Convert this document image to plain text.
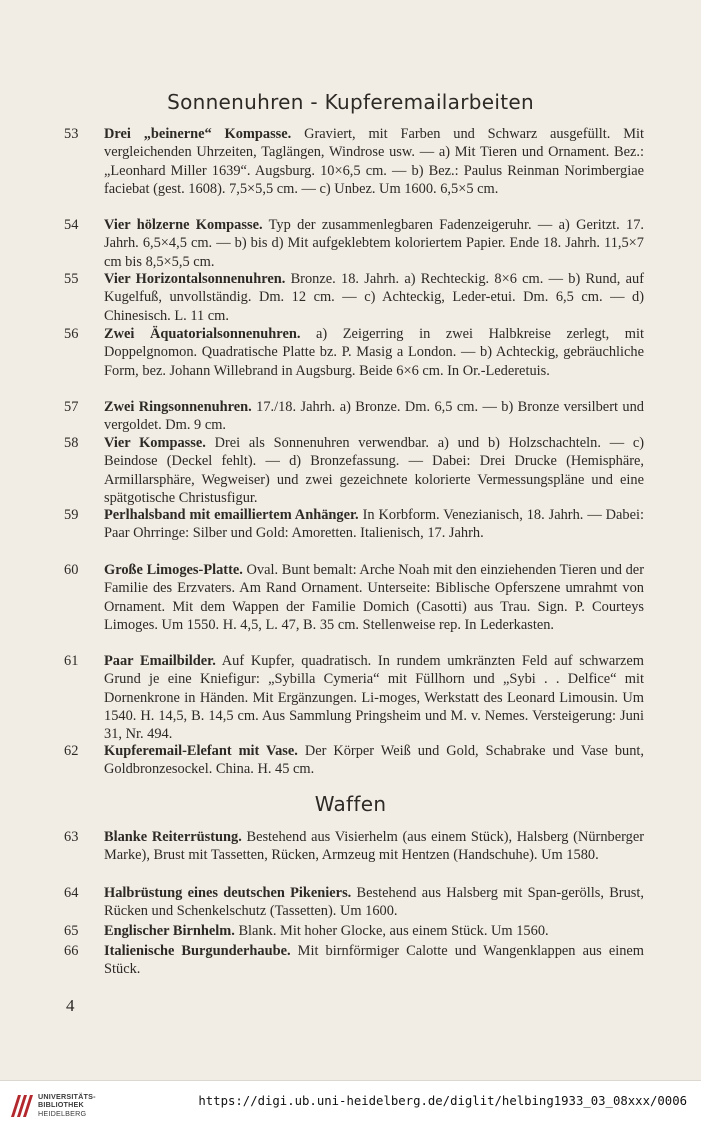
Sonnenuhren - Kupferemailarbeiten
53	Drei „beinerne“ Kompasse. Graviert, mit Farben und Schwarz ausgefüllt. Mit vergleichenden Uhrzeiten, Taglängen, Windrose usw. — a) Mit Tieren und Ornament. Bez.: „Leonhard Miller 1639“. Augsburg. 10×6,5 cm. — b) Bez.: Paulus Reinman Norimbergiae faciebat (gest. 1608). 7,5×5,5 cm. — c) Unbez. Um 1600. 6,5×5 cm.
54	Vier hölzerne Kompasse. Typ der zusammenlegbaren Fadenzeigeruhr. — a) Geritzt. 17. Jahrh. 6,5×4,5 cm. — b) bis d) Mit aufgeklebtem koloriertem Papier. Ende 18. Jahrh. 11,5×7 cm bis 8,5×5,5 cm.
55	Vier Horizontalsonnenuhren. Bronze. 18. Jahrh. a) Rechteckig. 8×6 cm. — b) Rund, auf Kugelfuß, unvollständig. Dm. 12 cm. — c) Achteckig, Leder-etui. Dm. 6,5 cm. — d) Chinesisch. L. 11 cm.
56	Zwei Äquatorialsonnenuhren. a) Zeigerring in zwei Halbkreise zerlegt, mit Doppelgnomon. Quadratische Platte bz. P. Masig a London. — b) Achteckig, gebräuchliche Form, bez. Johann Willebrand in Augsburg. Beide 6×6 cm. In Or.-Lederetuis.
57	Zwei Ringsonnenuhren. 17./18. Jahrh. a) Bronze. Dm. 6,5 cm. — b) Bronze versilbert und vergoldet. Dm. 9 cm.
58	Vier Kompasse. Drei als Sonnenuhren verwendbar. a) und b) Holzschachteln. — c) Beindose (Deckel fehlt). — d) Bronzefassung. — Dabei: Drei Drucke (Hemisphäre, Armillarsphäre, Wegweiser) und zwei gezeichnete kolorierte Vermessungspläne und eine spätgotische Christusfigur.
59	Perlhalsband mit emailliertem Anhänger. In Korbform. Venezianisch, 18. Jahrh. — Dabei: Paar Ohrringe: Silber und Gold: Amoretten. Italienisch, 17. Jahrh.
60	Große Limoges-Platte. Oval. Bunt bemalt: Arche Noah mit den einziehenden Tieren und der Familie des Erzvaters. Am Rand Ornament. Unterseite: Biblische Opferszene umrahmt von Ornament. Mit dem Wappen der Familie Domich (Casotti) aus Trau. Sign. P. Courteys Limoges. Um 1550. H. 4,5, L. 47, B. 35 cm. Stellenweise rep. In Lederkasten.
61	Paar Emailbilder. Auf Kupfer, quadratisch. In rundem umkränzten Feld auf schwarzem Grund je eine Kniefigur: „Sybilla Cymeria“ mit Füllhorn und „Sybi . . Delfice“ mit Dornenkrone in Händen. Mit Ergänzungen. Li-moges, Werkstatt des Leonard Limousin. Um 1540. H. 14,5, B. 14,5 cm. Aus Sammlung Pringsheim und M. v. Nemes. Versteigerung: Juni 31, Nr. 494.
62	Kupferemail-Elefant mit Vase. Der Körper Weiß und Gold, Schabrake und Vase bunt, Goldbronzesockel. China. H. 45 cm.
Waffen
63	Blanke Reiterrüstung. Bestehend aus Visierhelm (aus einem Stück), Halsberg (Nürnberger Marke), Brust mit Tassetten, Rücken, Armzeug mit Hentzen (Handschuhe). Um 1580.
64	Halbrüstung eines deutschen Pikeniers. Bestehend aus Halsberg mit Span-gerölls, Brust, Rücken und Schenkelschutz (Tassetten). Um 1600.
65	Englischer Birnhelm. Blank. Mit hoher Glocke, aus einem Stück. Um 1560.
66	Italienische Burgunderhaube. Mit birnförmiger Calotte und Wangenklappen aus einem Stück.
4
UNIVERSITÄTS-
BIBLIOTHEK
HEIDELBERG
https://digi.ub.uni-heidelberg.de/diglit/helbing1933_03_08xxx/0006
